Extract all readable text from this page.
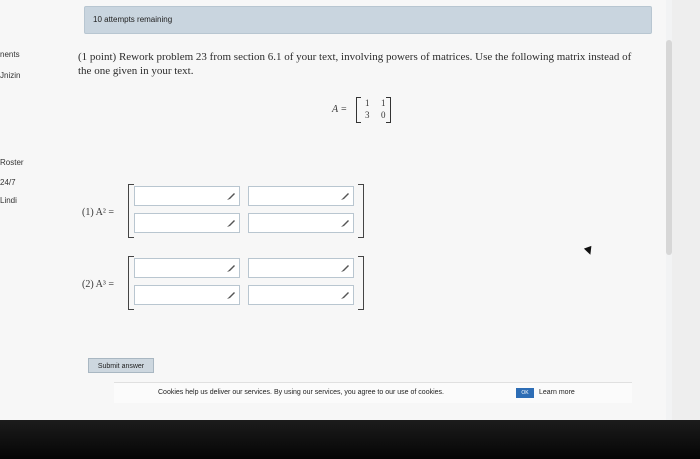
nents
Jnizin
Roster
24/7
Lindi
10 attempts remaining
(1 point) Rework problem 23 from section 6.1 of your text, involving powers of matrices. Use the following matrix instead of the one given in your text.
A =
1 1
3 0
(1) A² =
(2) A³ =
Submit answer
Cookies help us deliver our services. By using our services, you agree to our use of cookies.	OK	Learn more
